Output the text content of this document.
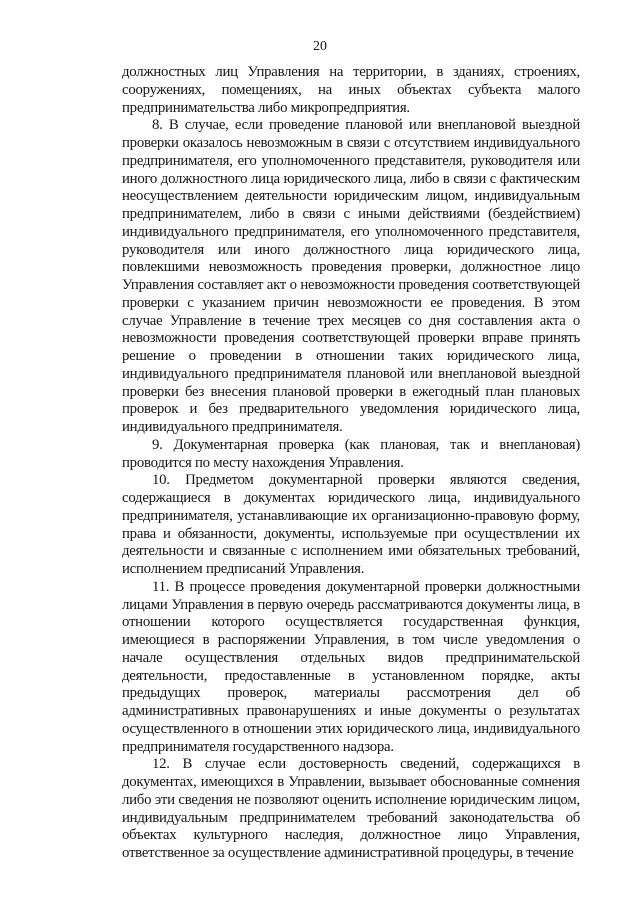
20

должностных лиц Управления на территории, в зданиях, строениях, сооружениях, помещениях, на иных объектах субъекта малого предпринимательства либо микропредприятия.

8. В случае, если проведение плановой или внеплановой выездной проверки оказалось невозможным в связи с отсутствием индивидуального предпринимателя, его уполномоченного представителя, руководителя или иного должностного лица юридического лица, либо в связи с фактическим неосуществлением деятельности юридическим лицом, индивидуальным предпринимателем, либо в связи с иными действиями (бездействием) индивидуального предпринимателя, его уполномоченного представителя, руководителя или иного должностного лица юридического лица, повлекшими невозможность проведения проверки, должностное лицо Управления составляет акт о невозможности проведения соответствующей проверки с указанием причин невозможности ее проведения. В этом случае Управление в течение трех месяцев со дня составления акта о невозможности проведения соответствующей проверки вправе принять решение о проведении в отношении таких юридического лица, индивидуального предпринимателя плановой или внеплановой выездной проверки без внесения плановой проверки в ежегодный план плановых проверок и без предварительного уведомления юридического лица, индивидуального предпринимателя.

9. Документарная проверка (как плановая, так и внеплановая) проводится по месту нахождения Управления.

10. Предметом документарной проверки являются сведения, содержащиеся в документах юридического лица, индивидуального предпринимателя, устанавливающие их организационно-правовую форму, права и обязанности, документы, используемые при осуществлении их деятельности и связанные с исполнением ими обязательных требований, исполнением предписаний Управления.

11. В процессе проведения документарной проверки должностными лицами Управления в первую очередь рассматриваются документы лица, в отношении которого осуществляется государственная функция, имеющиеся в распоряжении Управления, в том числе уведомления о начале осуществления отдельных видов предпринимательской деятельности, предоставленные в установленном порядке, акты предыдущих проверок, материалы рассмотрения дел об административных правонарушениях и иные документы о результатах осуществленного в отношении этих юридического лица, индивидуального предпринимателя государственного надзора.

12. В случае если достоверность сведений, содержащихся в документах, имеющихся в Управлении, вызывает обоснованные сомнения либо эти сведения не позволяют оценить исполнение юридическим лицом, индивидуальным предпринимателем требований законодательства об объектах культурного наследия, должностное лицо Управления, ответственное за осуществление административной процедуры, в течение
